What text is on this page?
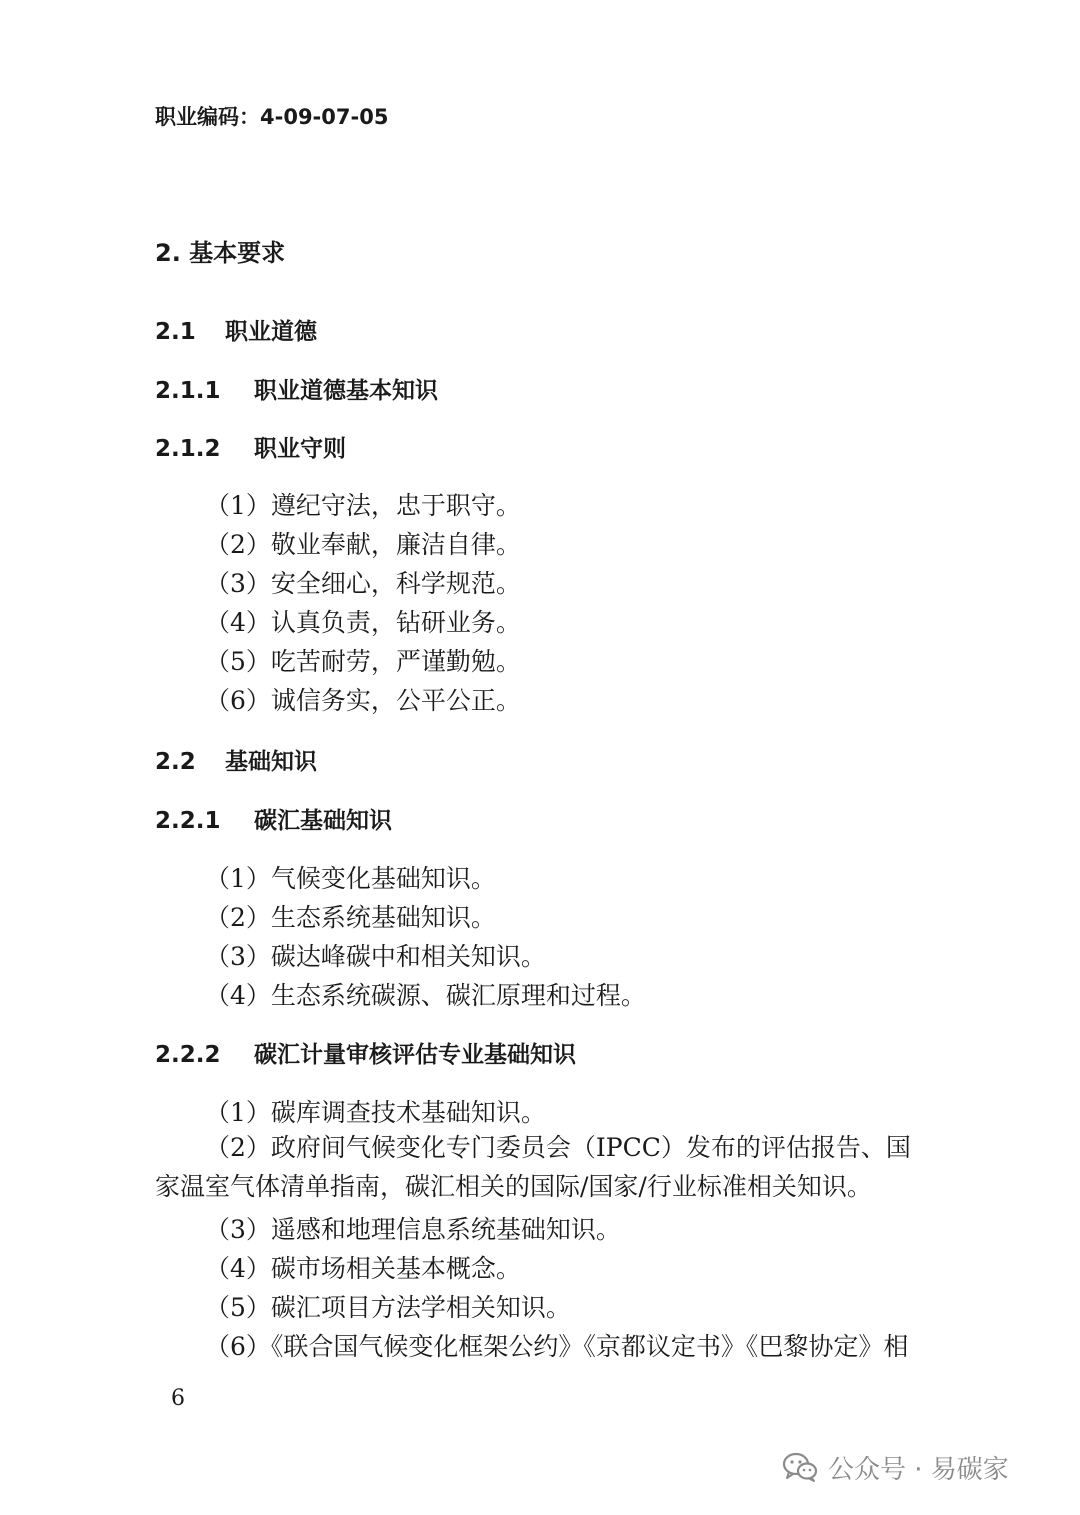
职业编码：4-09-07-05
2. 基本要求
2.1 职业道德
2.1.1 职业道德基本知识
2.1.2 职业守则
（1）遵纪守法，忠于职守。
（2）敬业奉献，廉洁自律。
（3）安全细心，科学规范。
（4）认真负责，钻研业务。
（5）吃苦耐劳，严谨勤勉。
（6）诚信务实，公平公正。
2.2 基础知识
2.2.1 碳汇基础知识
（1）气候变化基础知识。
（2）生态系统基础知识。
（3）碳达峰碳中和相关知识。
（4）生态系统碳源、碳汇原理和过程。
2.2.2 碳汇计量审核评估专业基础知识
（1）碳库调查技术基础知识。
（2）政府间气候变化专门委员会（IPCC）发布的评估报告、国家温室气体清单指南，碳汇相关的国际/国家/行业标准相关知识。
（3）遥感和地理信息系统基础知识。
（4）碳市场相关基本概念。
（5）碳汇项目方法学相关知识。
（6）《联合国气候变化框架公约》《京都议定书》《巴黎协定》相
6
公众号 · 易碳家
